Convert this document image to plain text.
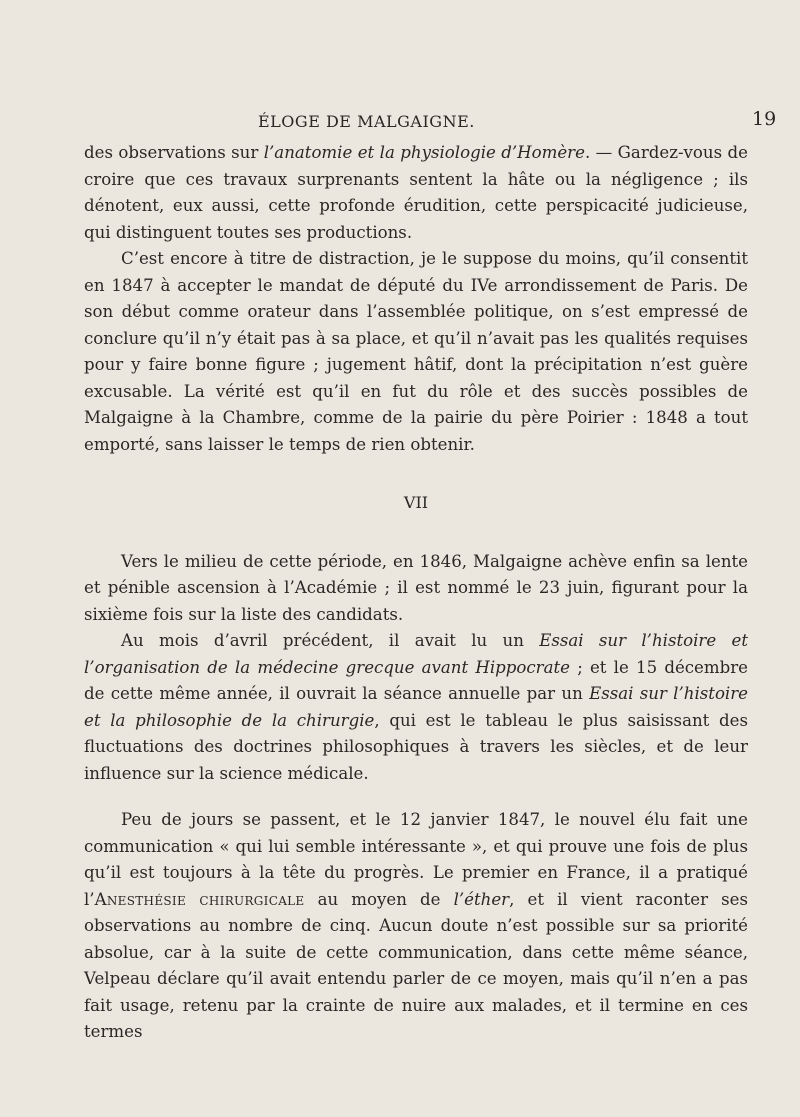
ÉLOGE DE MALGAIGNE.	19

des observations sur l’anatomie et la physiologie d’Homère. — Gardez-vous de croire que ces travaux surprenants sentent la hâte ou la négligence ; ils dénotent, eux aussi, cette profonde érudition, cette perspicacité judicieuse, qui distinguent toutes ses productions.

C’est encore à titre de distraction, je le suppose du moins, qu’il consentit en 1847 à accepter le mandat de député du IVe arrondissement de Paris. De son début comme orateur dans l’assemblée politique, on s’est empressé de conclure qu’il n’y était pas à sa place, et qu’il n’avait pas les qualités requises pour y faire bonne figure ; jugement hâtif, dont la précipitation n’est guère excusable. La vérité est qu’il en fut du rôle et des succès possibles de Malgaigne à la Chambre, comme de la pairie du père Poirier : 1848 a tout emporté, sans laisser le temps de rien obtenir.

VII

Vers le milieu de cette période, en 1846, Malgaigne achève enfin sa lente et pénible ascension à l’Académie ; il est nommé le 23 juin, figurant pour la sixième fois sur la liste des candidats.

Au mois d’avril précédent, il avait lu un Essai sur l’histoire et l’organisation de la médecine grecque avant Hippocrate ; et le 15 décembre de cette même année, il ouvrait la séance annuelle par un Essai sur l’histoire et la philosophie de la chirurgie, qui est le tableau le plus saisissant des fluctuations des doctrines philosophiques à travers les siècles, et de leur influence sur la science médicale.

Peu de jours se passent, et le 12 janvier 1847, le nouvel élu fait une communication « qui lui semble intéressante », et qui prouve une fois de plus qu’il est toujours à la tête du progrès. Le premier en France, il a pratiqué l’Anesthésie chirurgicale au moyen de l’éther, et il vient raconter ses observations au nombre de cinq. Aucun doute n’est possible sur sa priorité absolue, car à la suite de cette communication, dans cette même séance, Velpeau déclare qu’il avait entendu parler de ce moyen, mais qu’il n’en a pas fait usage, retenu par la crainte de nuire aux malades, et il termine en ces termes
